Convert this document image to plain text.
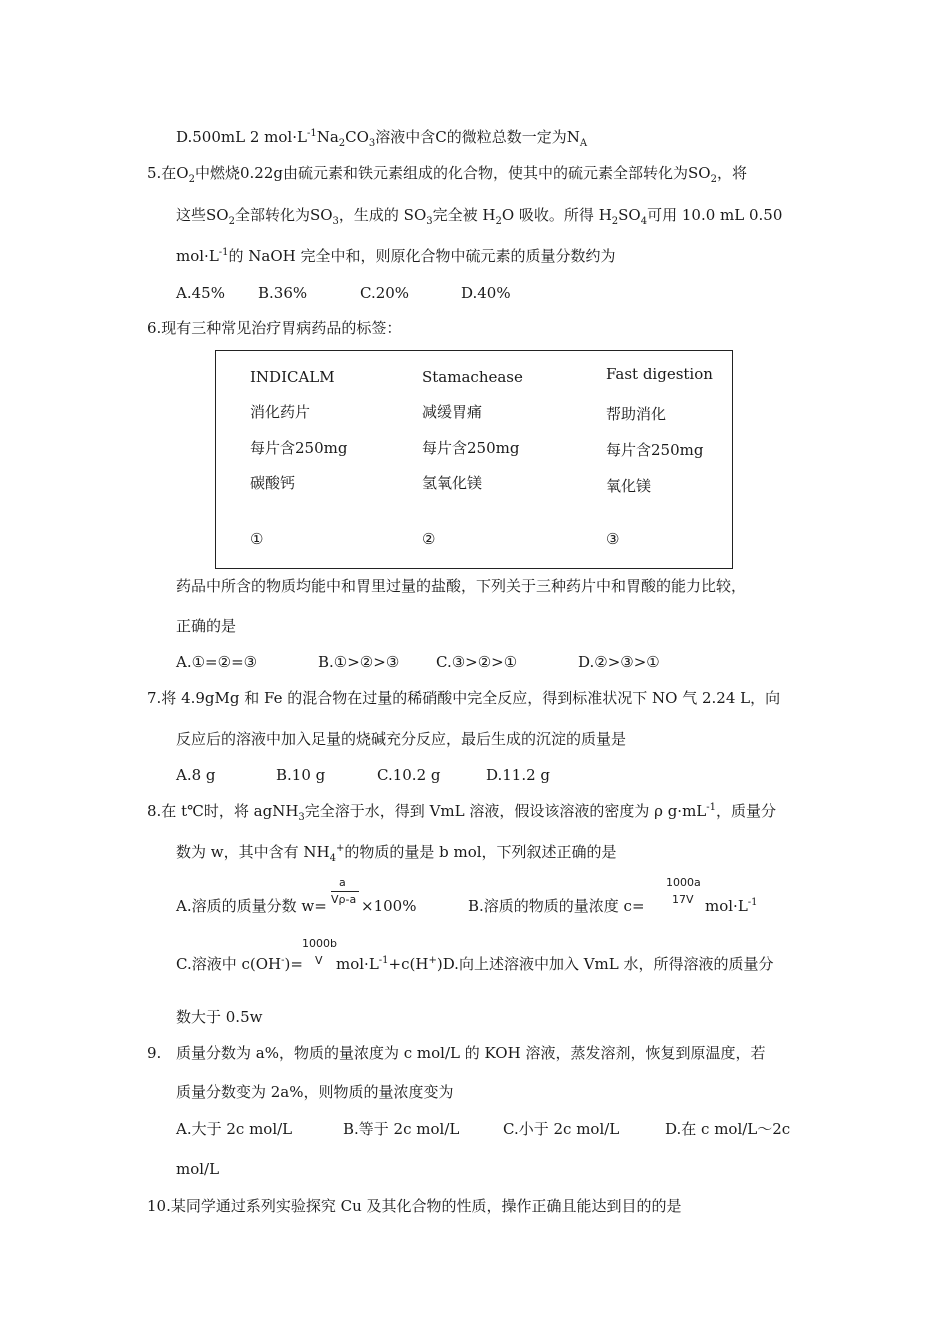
D.500mL 2 $mol\cdot L^{-1}Na_2CO_3$溶液中含C的微粒总数一定为$N_A$
5.在$O_2$中燃烧0.22g由硫元素和铁元素组成的化合物，使其中的硫元素全部转化为$SO_2$，将
这些$SO_2$全部转化为$SO_3$，生成的 $SO_3$完全被 $H_2O$ 吸收。所得 $H_2SO_4$可用 10.0 mL 0.50
$mol\cdot L^{-1}$的 NaOH 完全中和，则原化合物中硫元素的质量分数约为
A.45% B.36%	C.20%	D.40%
6.现有三种常见治疗胃病药品的标签：
INDICALM
消化药片
每片含250mg
碳酸钙
①
Stamachease
减缓胃痛
每片含250mg
氢氧化镁
②
Fast digestion
帮助消化
每片含250mg
氧化镁
③
药品中所含的物质均能中和胃里过量的盐酸，下列关于三种药片中和胃酸的能力比较，
正确的是
A.①=②=③	B.①>②>③ C.③>②>①	D.②>③>①
7.将 4.9gMg 和 Fe 的混合物在过量的稀硝酸中完全反应，得到标准状况下 NO 气 2.24 L，向
反应后的溶液中加入足量的烧碱充分反应，最后生成的沉淀的质量是
A.8 g	B.10 g	C.10.2 g	D.11.2 g
8.在 t℃时，将 agNH$_3$完全溶于水，得到 VmL 溶液，假设该溶液的密度为 ρ $g\cdot mL^{-1}$，质量分
数为 w，其中含有 $NH_4^+$的物质的量是 b mol，下列叙述正确的是
A.溶质的质量分数 w=
a
Vρ-a ×100%	B.溶质的物质的量浓度 c=
1000a
17V $mol\cdot L^{-1}$
C.溶液中 c(OH-)=
1000b
V $mol\cdot L^{-1}+c(H^+)D$.向上述溶液中加入 VmL 水，所得溶液的质量分
数大于 0.5w
9. 质量分数为 a%，物质的量浓度为 c mol/L 的 KOH 溶液，蒸发溶剂，恢复到原温度，若
质量分数变为 2a%，则物质的量浓度变为
A.大于 2c mol/L	B.等于 2c mol/L	C.小于 2c mol/L	D.在 c mol/L～2c
mol/L
10.某同学通过系列实验探究 Cu 及其化合物的性质，操作正确且能达到目的的是
